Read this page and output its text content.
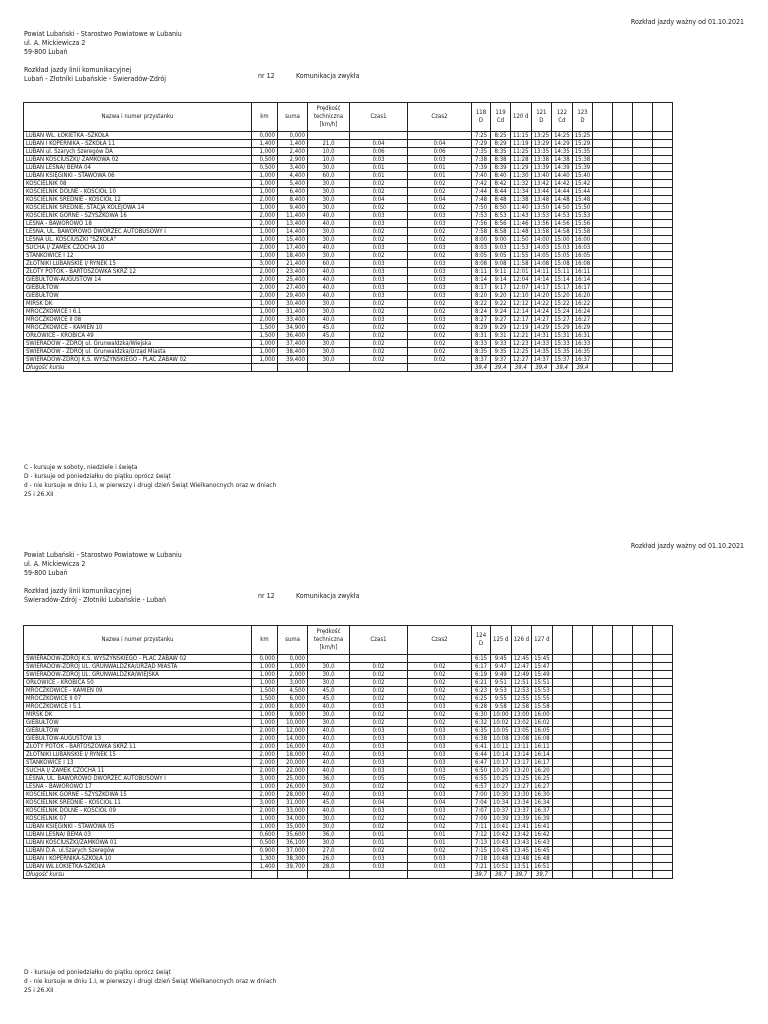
Rozkład jazdy ważny od 01.10.2021
Powiat Lubański - Starostwo Powiatowe w Lubaniu
ul. A. Mickiewicza 2
59-800 Lubań
Rozkład jazdy linii komunikacyjnej
Lubań - Złotniki Lubańskie - Świeradów-Zdrój	nr 12	Komunikacja zwykła
Nazwa i numer przystanku	km	suma	Prędkość techniczna [km/h]	Czas1	Czas2	118 D	119 Cd	120 d	121 D	122 Cd	123 D				
LUBAŃ WŁ. ŁOKIETKA -SZKOŁA	0,000	0,000				7:25	8:25	11:15	13:25	14:25	15:25				
LUBAŃ I KOPERNIKA - SZKOŁA 11	1,400	1,400	21,0	0:04	0:04	7:29	8:29	11:19	13:29	14:29	15:29				
LUBAŃ ul. Szarych Szeregów DA	1,000	2,400	10,0	0:06	0:06	7:35	8:35	11:25	13:35	14:35	15:35				
LUBAŃ KOŚCIUSZKI/ ZAMKOWA 02	0,500	2,900	10,0	0:03	0:03	7:38	8:38	11:28	13:38	14:38	15:38				
LUBAŃ LEŚNA/ BEMA 04	0,500	3,400	30,0	0:01	0:01	7:39	8:39	11:29	13:39	14:39	15:39				
LUBAŃ KSIĘGINKI - STAWOWA 06	1,000	4,400	60,0	0:01	0:01	7:40	8:40	11:30	13:40	14:40	15:40				
KOŚCIELNIK 08	1,000	5,400	30,0	0:02	0:02	7:42	8:42	11:32	13:42	14:42	15:42				
KOŚCIELNIK DOLNE - KOŚCIÓŁ 10	1,000	6,400	30,0	0:02	0:02	7:44	8:44	11:34	13:44	14:44	15:44				
KOŚCIELNIK ŚREDNIE - KOŚCIÓŁ 12	2,000	8,400	30,0	0:04	0:04	7:48	8:48	11:38	13:48	14:48	15:48				
KOŚCIELNIK ŚREDNIE, STACJA KOLEJOWA 14	1,000	9,400	30,0	0:02	0:02	7:50	8:50	11:40	13:50	14:50	15:50				
KOŚCIELNIK GÓRNE - SZYSZKOWA 16	2,000	11,400	40,0	0:03	0:03	7:53	8:53	11:43	13:53	14:53	15:53				
LEŚNA - BAWOROWO 18	2,000	13,400	40,0	0:03	0:03	7:56	8:56	11:46	13:56	14:56	15:56				
LEŚNA, UL. BAWOROWO DWORZEC AUTOBUSOWY I	1,000	14,400	30,0	0:02	0:02	7:58	8:58	11:48	13:58	14:58	15:58				
LEŚNA UL. KOŚCIUSZKI "SZKOŁA"	1,000	15,400	30,0	0:02	0:02	8:00	9:00	11:50	14:00	15:00	16:00				
SUCHA I/ ZAMEK CZOCHA 10	2,000	17,400	40,0	0:03	0:03	8:03	9:03	11:53	14:03	15:03	16:03				
STANKOWICE I 12	1,000	18,400	30,0	0:02	0:02	8:05	9:05	11:55	14:05	15:05	16:05				
ZŁOTNIKI LUBAŃSKIE I/ RYNEK 15	3,000	21,400	60,0	0:03	0:03	8:08	9:08	11:58	14:08	15:08	16:08				
ZŁOTY POTOK - BARTOSZÓWKA SKRZ 12	2,000	23,400	40,0	0:03	0:03	8:11	9:11	12:01	14:11	15:11	16:11				
GIEBUŁTÓW-AUGUSTÓW 14	2,000	25,400	40,0	0:03	0:03	8:14	9:14	12:04	14:14	15:14	16:14				
GIEBUŁTÓW	2,000	27,400	40,0	0:03	0:03	8:17	9:17	12:07	14:17	15:17	16:17				
GIEBUŁTÓW	2,000	29,400	40,0	0:03	0:03	8:20	9:20	12:10	14:20	15:20	16:20				
MIRSK DK	1,000	30,400	30,0	0:02	0:02	8:22	9:22	12:12	14:22	15:22	16:22				
MROCZKOWICE I 6.1	1,000	31,400	30,0	0:02	0:02	8:24	9:24	12:14	14:24	15:24	16:24				
MROCZKOWICE II 08	2,000	33,400	40,0	0:03	0:03	8:27	9:27	12:17	14:27	15:27	16:27				
MROCZKOWICE - KAMIEŃ 10	1,500	34,900	45,0	0:02	0:02	8:29	9:29	12:19	14:29	15:29	16:29				
ORŁOWICE - KROBICA 49	1,500	36,400	45,0	0:02	0:02	8:31	9:31	12:21	14:31	15:31	16:31				
ŚWIERADÓW - ZDRÓJ ul. Grunwaldzka/Wiejska	1,000	37,400	30,0	0:02	0:02	8:33	9:33	12:23	14:33	15:33	16:33				
ŚWIERADÓW - ZDRÓJ ul. Grunwaldzka/Urząd Miasta	1,000	38,400	30,0	0:02	0:02	8:35	9:35	12:25	14:35	15:35	16:35				
ŚWIERADÓW-ZDRÓJ K.S. WYSZYŃSKIEGO - PLAC ZABAW 02	1,000	39,400	30,0	0:02	0:02	8:37	9:37	12:27	14:37	15:37	16:37				
Długość kursu						39,4	39,4	39,4	39,4	39,4	39,4				
C - kursuje w soboty, niedziele i święta
D - kursuje od poniedziałku do piątku oprócz świąt
d - nie kursuje w dniu 1.I, w pierwszy i drugi dzień Świąt Wielkanocnych oraz w dniach
25 i 26.XII
Rozkład jazdy ważny od 01.10.2021
Powiat Lubański - Starostwo Powiatowe w Lubaniu
ul. A. Mickiewicza 2
59-800 Lubań
Rozkład jazdy linii komunikacyjnej
Świeradów-Zdrój - Złotniki Lubańskie - Lubań	nr 12	Komunikacja zwykła
Nazwa i numer przystanku	km	suma	Prędkość techniczna [km/h]	Czas1	Czas2	124 D	125 d	126 d	127 d						
ŚWIERADÓW-ZDRÓJ K.S. WYSZYŃSKIEGO - PLAC ZABAW 02	0,000	0,000				6:15	9:45	12:45	15:45						
ŚWIERADÓW-ZDRÓJ UL. GRUNWALDZKA/URZĄD MIASTA	1,000	1,000	30,0	0:02	0:02	6:17	9:47	12:47	15:47						
ŚWIERADÓW-ZDRÓJ UL. GRUNWALDZKA/WIEJSKA	1,000	2,000	30,0	0:02	0:02	6:19	9:49	12:49	15:49						
ORŁOWICE - KROBICA 50	1,000	3,000	30,0	0:02	0:02	6:21	9:51	12:51	15:51						
MROCZKOWICE - KAMIEŃ 09	1,500	4,500	45,0	0:02	0:02	6:23	9:53	12:53	15:53						
MROCZKOWICE II 07	1,500	6,000	45,0	0:02	0:02	6:25	9:55	12:55	15:55						
MROCZKOWICE I 5.1	2,000	8,000	40,0	0:03	0:03	6:28	9:58	12:58	15:58						
MIRSK DK	1,000	9,000	30,0	0:02	0:02	6:30	10:00	13:00	16:00						
GIEBUŁTÓW	1,000	10,000	30,0	0:02	0:02	6:32	10:02	13:02	16:02						
GIEBUŁTÓW	2,000	12,000	40,0	0:03	0:03	6:35	10:05	13:05	16:05						
GIEBUŁTÓW-AUGUSTÓW 13	2,000	14,000	40,0	0:03	0:03	6:38	10:08	13:08	16:08						
ZŁOTY POTOK - BARTOSZÓWKA SKRZ 11	2,000	16,000	40,0	0:03	0:03	6:41	10:11	13:11	16:11						
ZŁOTNIKI LUBAŃSKIE I/ RYNEK 15	2,000	18,000	40,0	0:03	0:03	6:44	10:14	13:14	16:14						
STANKOWICE I 13	2,000	20,000	40,0	0:03	0:03	6:47	10:17	13:17	16:17						
SUCHA I/ ZAMEK CZOCHA 11	2,000	22,000	40,0	0:03	0:03	6:50	10:20	13:20	16:20						
LEŚNA, UL. BAWOROWO DWORZEC AUTOBUSOWY I	3,000	25,000	36,0	0:05	0:05	6:55	10:25	13:25	16:25						
LEŚNA - BAWOROWO 17	1,000	26,000	30,0	0:02	0:02	6:57	10:27	13:27	16:27						
KOŚCIELNIK GÓRNE - SZYSZKOWA 15	2,000	28,000	40,0	0:03	0:03	7:00	10:30	13:30	16:30						
KOŚCIELNIK ŚREDNIE - KOŚCIÓŁ 11	3,000	31,000	45,0	0:04	0:04	7:04	10:34	13:34	16:34						
KOŚCIELNIK DOLNE - KOŚCIÓŁ 09	2,000	33,000	40,0	0:03	0:03	7:07	10:37	13:37	16:37						
KOŚCIELNIK 07	1,000	34,000	30,0	0:02	0:02	7:09	10:39	13:39	16:39						
LUBAŃ KSIĘGINKI - STAWOWA 05	1,000	35,000	30,0	0:02	0:02	7:11	10:41	13:41	16:41						
LUBAŃ LEŚNA/ BEMA 03	0,600	35,600	36,0	0:01	0:01	7:12	10:42	13:42	16:42						
LUBAŃ KOŚCIUSZKI/ZAMKOWA 01	0,500	36,100	30,0	0:01	0:01	7:13	10:43	13:43	16:43						
LUBAŃ D.A. ul.Szarych Szeregów	0,900	37,000	27,0	0:02	0:02	7:15	10:45	13:45	16:45						
LUBAŃ I KOPERNIKA-SZKOŁA 10	1,300	38,300	26,0	0:03	0:03	7:18	10:48	13:48	16:48						
LUBAŃ WŁ.ŁOKIETKA-SZKOŁA	1,400	39,700	28,0	0:03	0:03	7:21	10:51	13:51	16:51						
Długość kursu						39,7	39,7	39,7	39,7						
D - kursuje od poniedziałku do piątku oprócz świąt
d - nie kursuje w dniu 1.I, w pierwszy i drugi dzień Świąt Wielkanocnych oraz w dniach
25 i 26.XII
